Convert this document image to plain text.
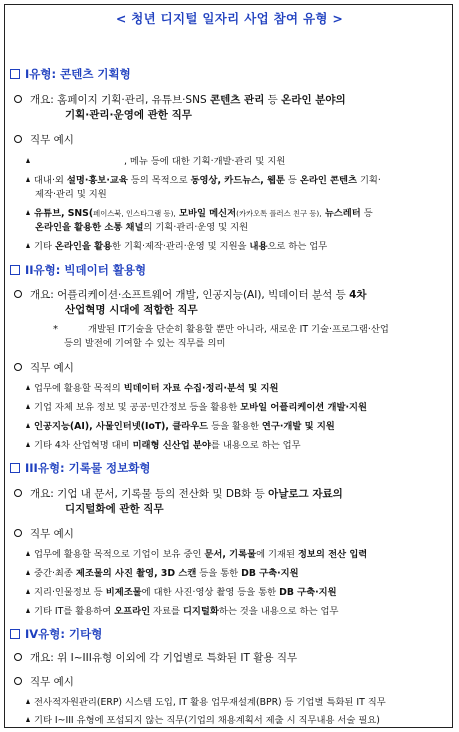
< 청년 디지털 일자리 사업 참여 유형 >
I유형: 콘텐츠 기획형
개요: 홈페이지 기획·관리, 유튜브·SNS 콘텐츠 관리 등 온라인 분야의
기획·관리·운영에 관한 직무
직무 예시
, 메뉴 등에 대한 기획·개발·관리 및 지원
대내·외 설명·홍보·교육 등의 목적으로 동영상, 카드뉴스, 웹툰 등 온라인 콘텐츠 기획·
제작·관리 및 지원
유튜브, SNS(페이스북, 인스타그램 등), 모바일 메신저(카카오톡 플러스 친구 등), 뉴스레터 등
온라인을 활용한 소통 채널의 기획·관리·운영 및 지원
기타 온라인을 활용한 기획·제작·관리·운영 및 지원을 내용으로 하는 업무
II유형: 빅데이터 활용형
개요: 어플리케이션·소프트웨어 개발, 인공지능(AI), 빅데이터 분석 등 4차
산업혁명 시대에 적합한 직무
*	개발된 IT기술을 단순히 활용할 뿐만 아니라, 새로운 IT 기술·프로그램·산업
등의 발전에 기여할 수 있는 직무를 의미
직무 예시
업무에 활용할 목적의 빅데이터 자료 수집·정리·분석 및 지원
기업 자체 보유 정보 및 공공·민간정보 등을 활용한 모바일 어플리케이션 개발·지원
인공지능(AI), 사물인터넷(IoT), 클라우드 등을 활용한 연구·개발 및 지원
기타 4차 산업혁명 대비 미래형 신산업 분야를 내용으로 하는 업무
III유형: 기록물 정보화형
개요: 기업 내 문서, 기록물 등의 전산화 및 DB화 등 아날로그 자료의
디지털화에 관한 직무
직무 예시
업무에 활용할 목적으로 기업이 보유 중인 문서, 기록물에 기재된 정보의 전산 입력
중간·최종 제조물의 사진 촬영, 3D 스캔 등을 통한 DB 구축·지원
지리·인물정보 등 비제조물에 대한 사진·영상 촬영 등을 통한 DB 구축·지원
기타 IT를 활용하여 오프라인 자료를 디지털화하는 것을 내용으로 하는 업무
IV유형: 기타형
개요: 위 I~III유형 이외에 각 기업별로 특화된 IT 활용 직무
직무 예시
전사적자원관리(ERP) 시스템 도입, IT 활용 업무재설계(BPR) 등 기업별 특화된 IT 직무
기타 I~III 유형에 포섭되지 않는 직무(기업의 채용계획서 제출 시 직무내용 서술 필요)
